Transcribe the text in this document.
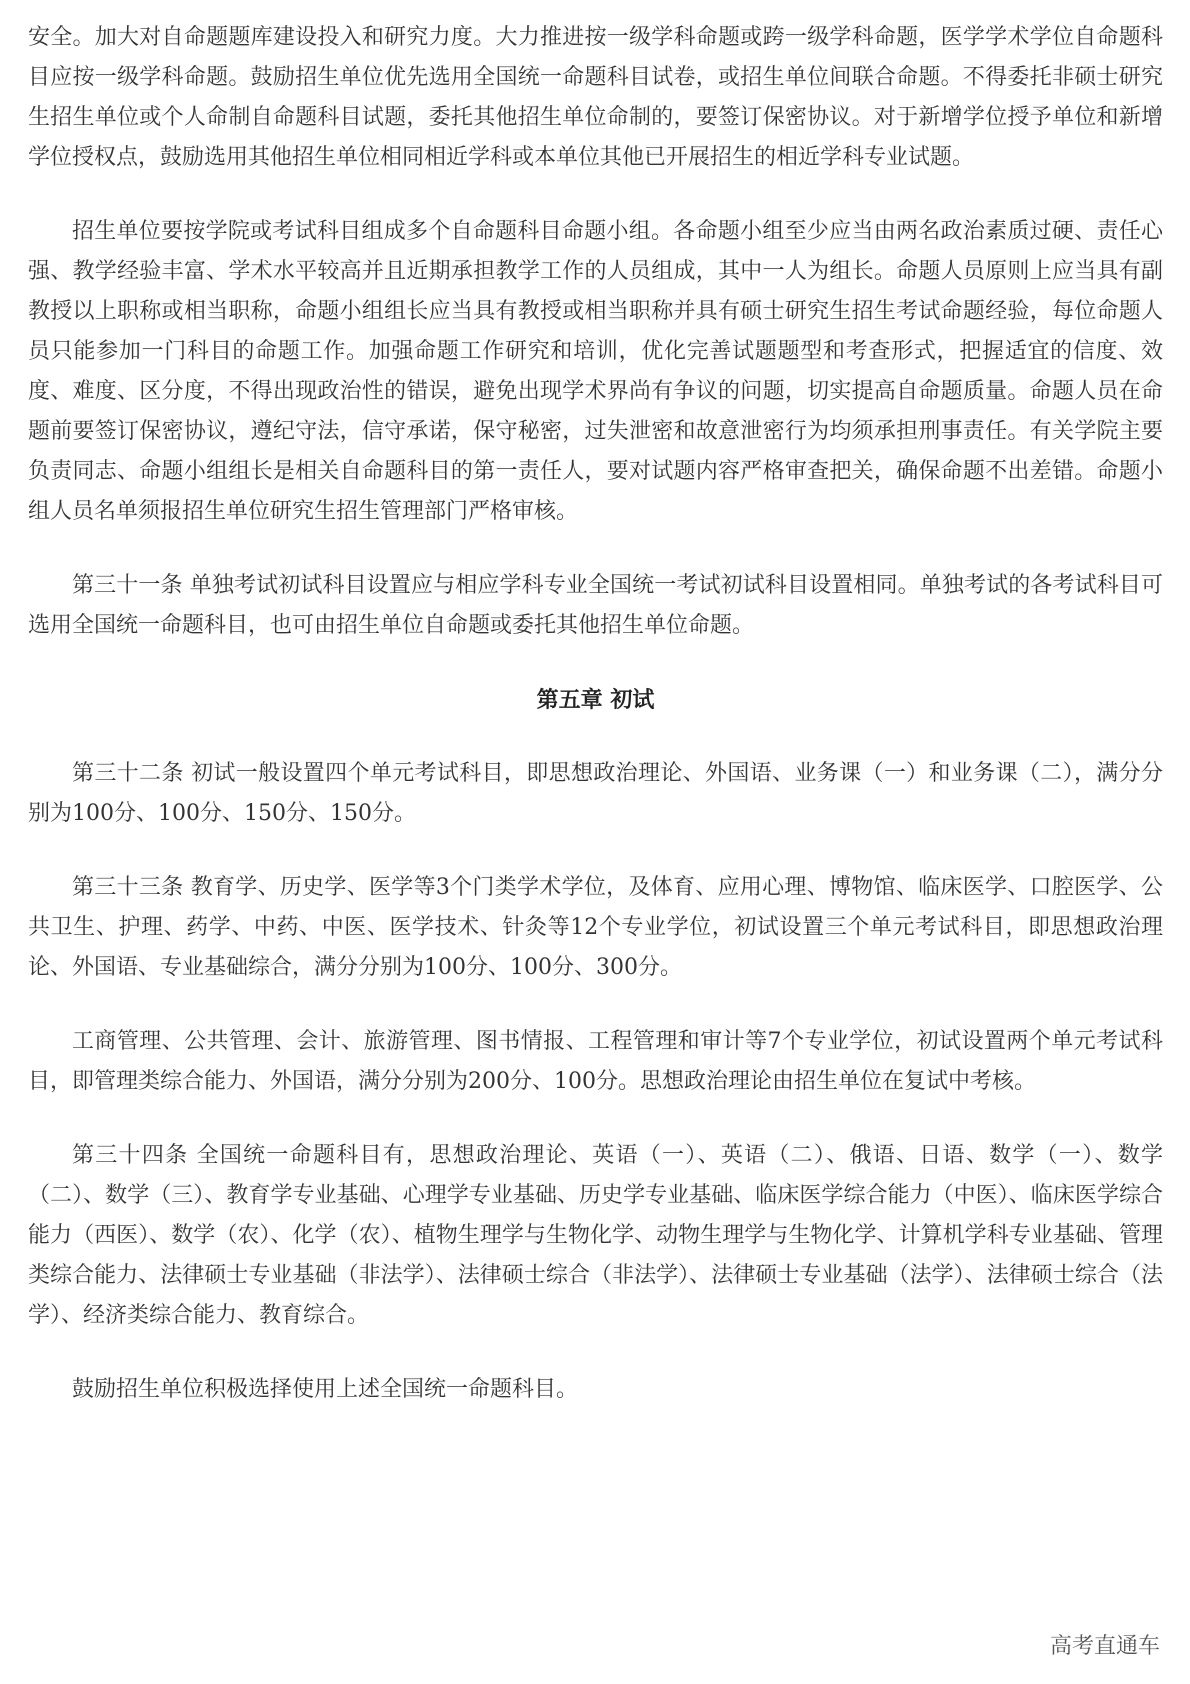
安全。加大对自命题题库建设投入和研究力度。大力推进按一级学科命题或跨一级学科命题，医学学术学位自命题科目应按一级学科命题。鼓励招生单位优先选用全国统一命题科目试卷，或招生单位间联合命题。不得委托非硕士研究生招生单位或个人命制自命题科目试题，委托其他招生单位命制的，要签订保密协议。对于新增学位授予单位和新增学位授权点，鼓励选用其他招生单位相同相近学科或本单位其他已开展招生的相近学科专业试题。

招生单位要按学院或考试科目组成多个自命题科目命题小组。各命题小组至少应当由两名政治素质过硬、责任心强、教学经验丰富、学术水平较高并且近期承担教学工作的人员组成，其中一人为组长。命题人员原则上应当具有副教授以上职称或相当职称，命题小组组长应当具有教授或相当职称并具有硕士研究生招生考试命题经验，每位命题人员只能参加一门科目的命题工作。加强命题工作研究和培训，优化完善试题题型和考查形式，把握适宜的信度、效度、难度、区分度，不得出现政治性的错误，避免出现学术界尚有争议的问题，切实提高自命题质量。命题人员在命题前要签订保密协议，遵纪守法，信守承诺，保守秘密，过失泄密和故意泄密行为均须承担刑事责任。有关学院主要负责同志、命题小组组长是相关自命题科目的第一责任人，要对试题内容严格审查把关，确保命题不出差错。命题小组人员名单须报招生单位研究生招生管理部门严格审核。

第三十一条 单独考试初试科目设置应与相应学科专业全国统一考试初试科目设置相同。单独考试的各考试科目可选用全国统一命题科目，也可由招生单位自命题或委托其他招生单位命题。

第五章 初试

第三十二条 初试一般设置四个单元考试科目，即思想政治理论、外国语、业务课（一）和业务课（二），满分分别为100分、100分、150分、150分。

第三十三条 教育学、历史学、医学等3个门类学术学位，及体育、应用心理、博物馆、临床医学、口腔医学、公共卫生、护理、药学、中药、中医、医学技术、针灸等12个专业学位，初试设置三个单元考试科目，即思想政治理论、外国语、专业基础综合，满分分别为100分、100分、300分。

工商管理、公共管理、会计、旅游管理、图书情报、工程管理和审计等7个专业学位，初试设置两个单元考试科目，即管理类综合能力、外国语，满分分别为200分、100分。思想政治理论由招生单位在复试中考核。

第三十四条 全国统一命题科目有，思想政治理论、英语（一）、英语（二）、俄语、日语、数学（一）、数学（二）、数学（三）、教育学专业基础、心理学专业基础、历史学专业基础、临床医学综合能力（中医）、临床医学综合能力（西医）、数学（农）、化学（农）、植物生理学与生物化学、动物生理学与生物化学、计算机学科专业基础、管理类综合能力、法律硕士专业基础（非法学）、法律硕士综合（非法学）、法律硕士专业基础（法学）、法律硕士综合（法学）、经济类综合能力、教育综合。

鼓励招生单位积极选择使用上述全国统一命题科目。

高考直通车
